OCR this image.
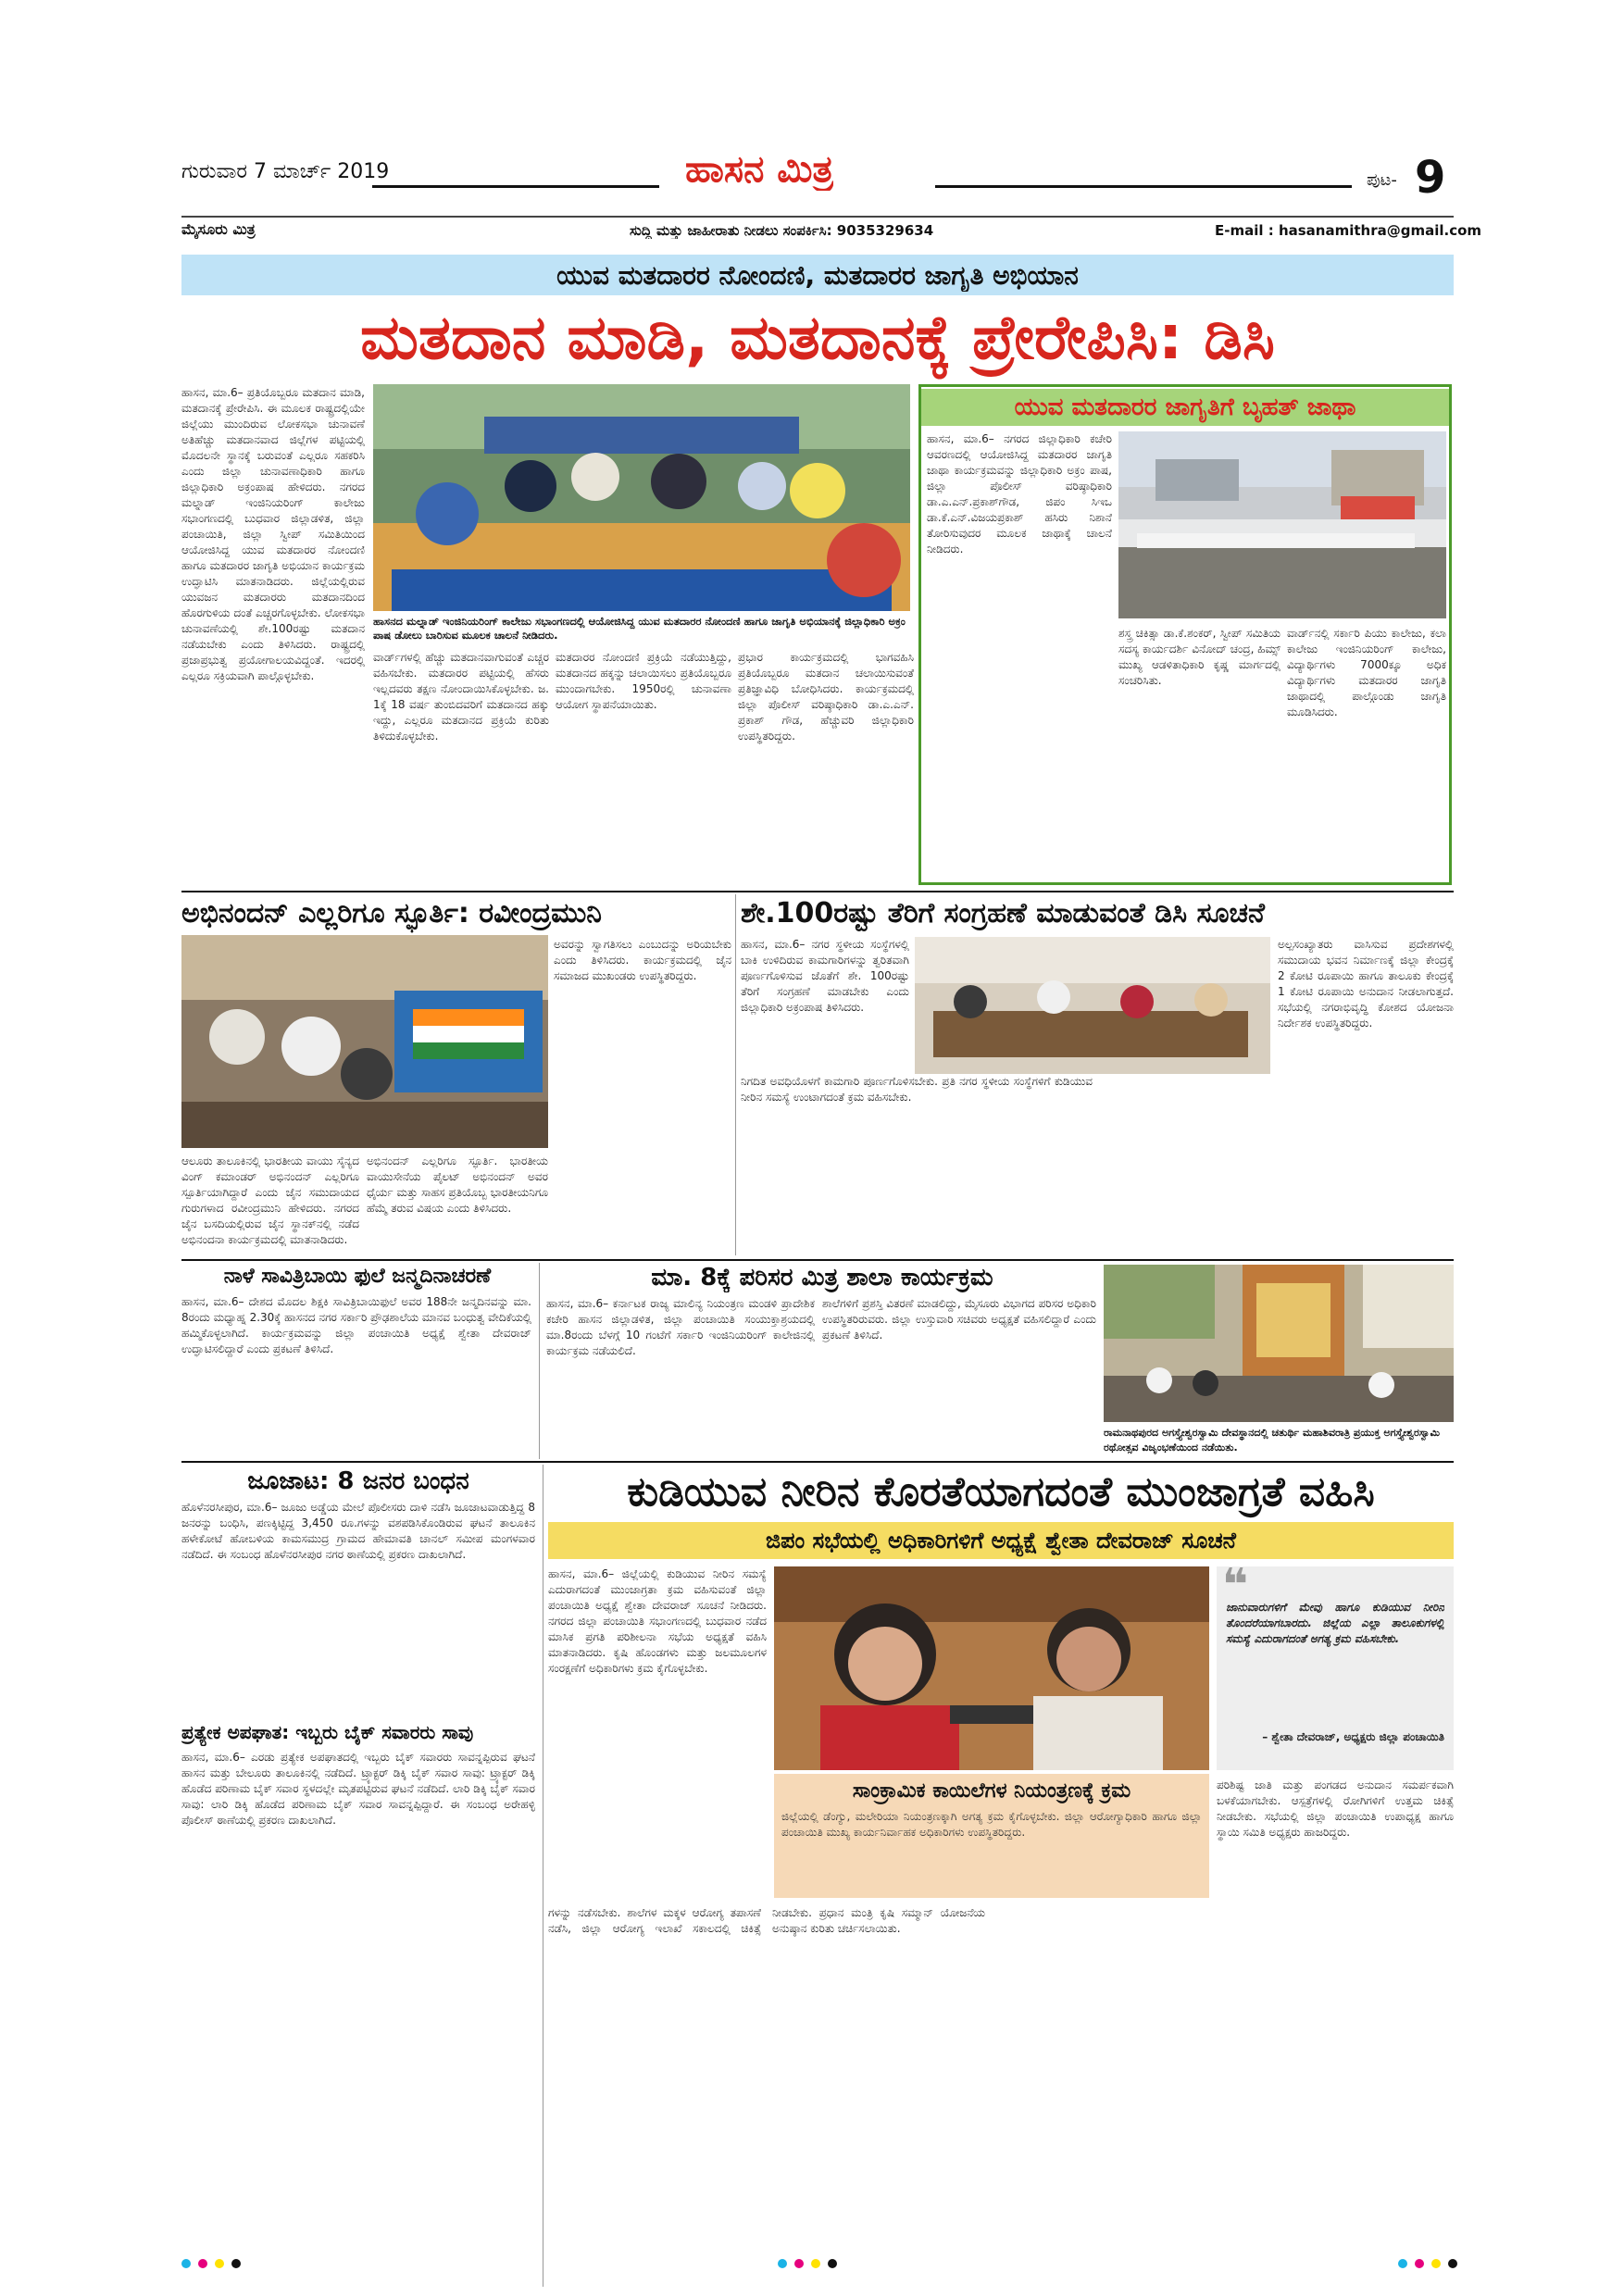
ಗುರುವಾರ 7 ಮಾರ್ಚ್ 2019	ಹಾಸನ ಮಿತ್ರ	ಪುಟ- 9
ಮೈಸೂರು ಮಿತ್ರ	ಸುದ್ದಿ ಮತ್ತು ಜಾಹೀರಾತು ನೀಡಲು ಸಂಪರ್ಕಿಸಿ: 9035329634	E-mail : hasanamithra@gmail.com
ಯುವ ಮತದಾರರ ನೋಂದಣಿ, ಮತದಾರರ ಜಾಗೃತಿ ಅಭಿಯಾನ
ಮತದಾನ ಮಾಡಿ, ಮತದಾನಕ್ಕೆ ಪ್ರೇರೇಪಿಸಿ: ಡಿಸಿ
ಹಾಸನ, ಮಾ.6– ಪ್ರತಿಯೊಬ್ಬರೂ ಮತದಾನ ಮಾಡಿ, ಮತದಾನಕ್ಕೆ ಪ್ರೇರೇಪಿಸಿ. ಈ ಮೂಲಕ ರಾಷ್ಟ್ರದಲ್ಲಿಯೇ ಜಿಲ್ಲೆಯು ಮುಂದಿರುವ ಲೋಕಸಭಾ ಚುನಾವಣೆ ಅತಿಹೆಚ್ಚು ಮತದಾನವಾದ ಜಿಲ್ಲೆಗಳ ಪಟ್ಟಿಯಲ್ಲಿ ಮೊದಲನೇ ಸ್ಥಾನಕ್ಕೆ ಬರುವಂತೆ ಎಲ್ಲರೂ ಸಹಕರಿಸಿ ಎಂದು ಜಿಲ್ಲಾ ಚುನಾವಣಾಧಿಕಾರಿ ಹಾಗೂ ಜಿಲ್ಲಾಧಿಕಾರಿ ಅಕ್ರಂಪಾಷ ಹೇಳಿದರು. ನಗರದ ಮಲ್ನಾಡ್ ಇಂಜಿನಿಯರಿಂಗ್ ಕಾಲೇಜು ಸಭಾಂಗಣದಲ್ಲಿ ಬುಧವಾರ ಜಿಲ್ಲಾಡಳಿತ, ಜಿಲ್ಲಾ ಪಂಚಾಯಿತಿ, ಜಿಲ್ಲಾ ಸ್ವೀಪ್ ಸಮಿತಿಯಿಂದ ಆಯೋಜಿಸಿದ್ದ ಯುವ ಮತದಾರರ ನೋಂದಣಿ ಹಾಗೂ ಮತದಾರರ ಜಾಗೃತಿ ಅಭಿಯಾನ ಕಾರ್ಯಕ್ರಮ ಉದ್ಘಾಟಿಸಿ ಮಾತನಾಡಿದರು. ಜಿಲ್ಲೆಯಲ್ಲಿರುವ ಯುವಜನ ಮತದಾರರು ಮತದಾನದಿಂದ ಹೊರಗುಳಿಯ ದಂತೆ ಎಚ್ಚರಗೊಳ್ಳಬೇಕು. ಲೋಕಸಭಾ ಚುನಾವಣೆಯಲ್ಲಿ ಶೇ.100ರಷ್ಟು ಮತದಾನ ನಡೆಯಬೇಕು ಎಂದು ತಿಳಿಸಿದರು. ರಾಷ್ಟ್ರದಲ್ಲಿ ಪ್ರಜಾಪ್ರಭುತ್ವ ಪ್ರಯೋಗಾಲಯವಿದ್ದಂತೆ. ಇದರಲ್ಲಿ ಎಲ್ಲರೂ ಸಕ್ರಿಯವಾಗಿ ಪಾಲ್ಗೊಳ್ಳಬೇಕು.
ಹಾಸನದ ಮಲ್ನಾಡ್ ಇಂಜಿನಿಯರಿಂಗ್ ಕಾಲೇಜು ಸಭಾಂಗಣದಲ್ಲಿ ಆಯೋಜಿಸಿದ್ದ ಯುವ ಮತದಾರರ ನೋಂದಣಿ ಹಾಗೂ ಜಾಗೃತಿ ಅಭಿಯಾನಕ್ಕೆ ಜಿಲ್ಲಾಧಿಕಾರಿ ಅಕ್ರಂ ಪಾಷ ಡೋಲು ಬಾರಿಸುವ ಮೂಲಕ ಚಾಲನೆ ನೀಡಿದರು.
ವಾರ್ಡ್‌ಗಳಲ್ಲಿ ಹೆಚ್ಚು ಮತದಾನವಾಗುವಂತೆ ಎಚ್ಚರ ವಹಿಸಬೇಕು. ಮತದಾರರ ಪಟ್ಟಿಯಲ್ಲಿ ಹೆಸರು ಇಲ್ಲದವರು ತಕ್ಷಣ ನೋಂದಾಯಿಸಿಕೊಳ್ಳಬೇಕು. ಜ. 1ಕ್ಕೆ 18 ವರ್ಷ ತುಂಬಿದವರಿಗೆ ಮತದಾನದ ಹಕ್ಕು ಇದ್ದು, ಎಲ್ಲರೂ ಮತದಾನದ ಪ್ರಕ್ರಿಯೆ ಕುರಿತು ತಿಳಿದುಕೊಳ್ಳಬೇಕು.
ಮತದಾರರ ನೋಂದಣಿ ಪ್ರಕ್ರಿಯೆ ನಡೆಯುತ್ತಿದ್ದು, ಮತದಾನದ ಹಕ್ಕನ್ನು ಚಲಾಯಿಸಲು ಪ್ರತಿಯೊಬ್ಬರೂ ಮುಂದಾಗಬೇಕು. 1950ರಲ್ಲಿ ಚುನಾವಣಾ ಆಯೋಗ ಸ್ಥಾಪನೆಯಾಯಿತು.
ಪ್ರಭಾರ ಕಾರ್ಯಕ್ರಮದಲ್ಲಿ ಭಾಗವಹಿಸಿ ಪ್ರತಿಯೊಬ್ಬರೂ ಮತದಾನ ಚಲಾಯಿಸುವಂತೆ ಪ್ರತಿಜ್ಞಾವಿಧಿ ಬೋಧಿಸಿದರು. ಕಾರ್ಯಕ್ರಮದಲ್ಲಿ ಜಿಲ್ಲಾ ಪೊಲೀಸ್ ವರಿಷ್ಠಾಧಿಕಾರಿ ಡಾ.ಎ.ಎನ್. ಪ್ರಕಾಶ್ ಗೌಡ, ಹೆಚ್ಚುವರಿ ಜಿಲ್ಲಾಧಿಕಾರಿ ಉಪಸ್ಥಿತರಿದ್ದರು.
ಯುವ ಮತದಾರರ ಜಾಗೃತಿಗೆ ಬೃಹತ್ ಜಾಥಾ
ಹಾಸನ, ಮಾ.6– ನಗರದ ಜಿಲ್ಲಾಧಿಕಾರಿ ಕಚೇರಿ ಆವರಣದಲ್ಲಿ ಆಯೋಜಿಸಿದ್ದ ಮತದಾರರ ಜಾಗೃತಿ ಜಾಥಾ ಕಾರ್ಯಕ್ರಮವನ್ನು ಜಿಲ್ಲಾಧಿಕಾರಿ ಅಕ್ರಂ ಪಾಷ, ಜಿಲ್ಲಾ ಪೊಲೀಸ್ ವರಿಷ್ಠಾಧಿಕಾರಿ ಡಾ.ಎ.ಎನ್.ಪ್ರಕಾಶ್‌ಗೌಡ, ಜಿಪಂ ಸಿಇಒ ಡಾ.ಕೆ.ಎನ್.ವಿಜಯಪ್ರಕಾಶ್ ಹಸಿರು ನಿಶಾನೆ ತೋರಿಸುವುದರ ಮೂಲಕ ಜಾಥಾಕ್ಕೆ ಚಾಲನೆ ನೀಡಿದರು.
ಶಸ್ತ್ರ ಚಿಕಿತ್ಸಾ ಡಾ.ಕೆ.ಶಂಕರ್, ಸ್ವೀಪ್ ಸಮಿತಿಯ ಸದಸ್ಯ ಕಾರ್ಯದರ್ಶಿ ವಿನೋದ್ ಚಂದ್ರ, ಹಿಮ್ಸ್ ಮುಖ್ಯ ಆಡಳಿತಾಧಿಕಾರಿ ಕೃಷ್ಣ ಮಾರ್ಗದಲ್ಲಿ ಸಂಚರಿಸಿತು.
ವಾರ್ಡ್‌ನಲ್ಲಿ ಸರ್ಕಾರಿ ಪಿಯು ಕಾಲೇಜು, ಕಲಾ ಕಾಲೇಜು ಇಂಜಿನಿಯರಿಂಗ್ ಕಾಲೇಜು, ವಿದ್ಯಾರ್ಥಿಗಳು 7000ಕ್ಕೂ ಅಧಿಕ ವಿದ್ಯಾರ್ಥಿಗಳು ಮತದಾರರ ಜಾಗೃತಿ ಜಾಥಾದಲ್ಲಿ ಪಾಲ್ಗೊಂಡು ಜಾಗೃತಿ ಮೂಡಿಸಿದರು.
ಅಭಿನಂದನ್ ಎಲ್ಲರಿಗೂ ಸ್ಫೂರ್ತಿ: ರವೀಂದ್ರಮುನಿ
ಆಲೂರು ತಾಲೂಕಿನಲ್ಲಿ ಭಾರತೀಯ ವಾಯು ಸೈನ್ಯದ ವಿಂಗ್ ಕಮಾಂಡರ್ ಅಭಿನಂದನ್ ಎಲ್ಲರಿಗೂ ಸ್ಪೂರ್ತಿಯಾಗಿದ್ದಾರೆ ಎಂದು ಜೈನ ಸಮುದಾಯದ ಗುರುಗಳಾದ ರವೀಂದ್ರಮುನಿ ಹೇಳಿದರು. ನಗರದ ಜೈನ ಬಸದಿಯಲ್ಲಿರುವ ಜೈನ ಸ್ಥಾನಕ್‌ನಲ್ಲಿ ನಡೆದ ಅಭಿನಂದನಾ ಕಾರ್ಯಕ್ರಮದಲ್ಲಿ ಮಾತನಾಡಿದರು.
ಅಭಿನಂದನ್ ಎಲ್ಲರಿಗೂ ಸ್ಫೂರ್ತಿ. ಭಾರತೀಯ ವಾಯುಸೇನೆಯ ಪೈಲಟ್ ಅಭಿನಂದನ್ ಅವರ ಧೈರ್ಯ ಮತ್ತು ಸಾಹಸ ಪ್ರತಿಯೊಬ್ಬ ಭಾರತೀಯನಿಗೂ ಹೆಮ್ಮೆ ತರುವ ವಿಷಯ ಎಂದು ತಿಳಿಸಿದರು.
ಅವರನ್ನು ಸ್ವಾಗತಿಸಲು ಎಂಬುದನ್ನು ಅರಿಯಬೇಕು ಎಂದು ತಿಳಿಸಿದರು. ಕಾರ್ಯಕ್ರಮದಲ್ಲಿ ಜೈನ ಸಮಾಜದ ಮುಖಂಡರು ಉಪಸ್ಥಿತರಿದ್ದರು.
ಶೇ.100ರಷ್ಟು ತೆರಿಗೆ ಸಂಗ್ರಹಣೆ ಮಾಡುವಂತೆ ಡಿಸಿ ಸೂಚನೆ
ಹಾಸನ, ಮಾ.6– ನಗರ ಸ್ಥಳೀಯ ಸಂಸ್ಥೆಗಳಲ್ಲಿ ಬಾಕಿ ಉಳಿದಿರುವ ಕಾಮಗಾರಿಗಳನ್ನು ತ್ವರಿತವಾಗಿ ಪೂರ್ಣಗೊಳಿಸುವ ಜೊತೆಗೆ ಶೇ. 100ರಷ್ಟು ತೆರಿಗೆ ಸಂಗ್ರಹಣೆ ಮಾಡಬೇಕು ಎಂದು ಜಿಲ್ಲಾಧಿಕಾರಿ ಅಕ್ರಂಪಾಷ ತಿಳಿಸಿದರು.
ನಿಗದಿತ ಅವಧಿಯೊಳಗೆ ಕಾಮಗಾರಿ ಪೂರ್ಣಗೊಳಿಸಬೇಕು. ಪ್ರತಿ ನಗರ ಸ್ಥಳೀಯ ಸಂಸ್ಥೆಗಳಿಗೆ ಕುಡಿಯುವ ನೀರಿನ ಸಮಸ್ಯೆ ಉಂಟಾಗದಂತೆ ಕ್ರಮ ವಹಿಸಬೇಕು.
ಅಲ್ಪಸಂಖ್ಯಾತರು ವಾಸಿಸುವ ಪ್ರದೇಶಗಳಲ್ಲಿ ಸಮುದಾಯ ಭವನ ನಿರ್ಮಾಣಕ್ಕೆ ಜಿಲ್ಲಾ ಕೇಂದ್ರಕ್ಕೆ 2 ಕೋಟಿ ರೂಪಾಯಿ ಹಾಗೂ ತಾಲೂಕು ಕೇಂದ್ರಕ್ಕೆ 1 ಕೋಟಿ ರೂಪಾಯಿ ಅನುದಾನ ನೀಡಲಾಗುತ್ತದೆ. ಸಭೆಯಲ್ಲಿ ನಗರಾಭಿವೃದ್ಧಿ ಕೋಶದ ಯೋಜನಾ ನಿರ್ದೇಶಕ ಉಪಸ್ಥಿತರಿದ್ದರು.
ನಾಳೆ ಸಾವಿತ್ರಿಬಾಯಿ ಫುಲೆ ಜನ್ಮದಿನಾಚರಣೆ
ಹಾಸನ, ಮಾ.6– ದೇಶದ ಮೊದಲ ಶಿಕ್ಷಕಿ ಸಾವಿತ್ರಿಬಾಯಿಫುಲೆ ಅವರ 188ನೇ ಜನ್ಮದಿನವನ್ನು ಮಾ. 8ರಂದು ಮಧ್ಯಾಹ್ನ 2.30ಕ್ಕೆ ಹಾಸನದ ನಗರ ಸರ್ಕಾರಿ ಪ್ರೌಢಶಾಲೆಯ ಮಾನವ ಬಂಧುತ್ವ ವೇದಿಕೆಯಲ್ಲಿ ಹಮ್ಮಿಕೊಳ್ಳಲಾಗಿದೆ. ಕಾರ್ಯಕ್ರಮವನ್ನು ಜಿಲ್ಲಾ ಪಂಚಾಯಿತಿ ಅಧ್ಯಕ್ಷೆ ಶ್ವೇತಾ ದೇವರಾಜ್ ಉದ್ಘಾಟಿಸಲಿದ್ದಾರೆ ಎಂದು ಪ್ರಕಟಣೆ ತಿಳಿಸಿದೆ.
ಮಾ. 8ಕ್ಕೆ ಪರಿಸರ ಮಿತ್ರ ಶಾಲಾ ಕಾರ್ಯಕ್ರಮ
ಹಾಸನ, ಮಾ.6– ಕರ್ನಾಟಕ ರಾಜ್ಯ ಮಾಲಿನ್ಯ ನಿಯಂತ್ರಣ ಮಂಡಳಿ ಪ್ರಾದೇಶಿಕ ಕಚೇರಿ ಹಾಸನ ಜಿಲ್ಲಾಡಳಿತ, ಜಿಲ್ಲಾ ಪಂಚಾಯಿತಿ ಸಂಯುಕ್ತಾಶ್ರಯದಲ್ಲಿ ಮಾ.8ರಂದು ಬೆಳಗ್ಗೆ 10 ಗಂಟೆಗೆ ಸರ್ಕಾರಿ ಇಂಜಿನಿಯರಿಂಗ್ ಕಾಲೇಜಿನಲ್ಲಿ ಕಾರ್ಯಕ್ರಮ ನಡೆಯಲಿದೆ.
ಶಾಲೆಗಳಿಗೆ ಪ್ರಶಸ್ತಿ ವಿತರಣೆ ಮಾಡಲಿದ್ದು, ಮೈಸೂರು ವಿಭಾಗದ ಪರಿಸರ ಅಧಿಕಾರಿ ಉಪಸ್ಥಿತರಿರುವರು. ಜಿಲ್ಲಾ ಉಸ್ತುವಾರಿ ಸಚಿವರು ಅಧ್ಯಕ್ಷತೆ ವಹಿಸಲಿದ್ದಾರೆ ಎಂದು ಪ್ರಕಟಣೆ ತಿಳಿಸಿದೆ.
ರಾಮನಾಥಪುರದ ಅಗಸ್ತ್ಯೇಶ್ವರಸ್ವಾಮಿ ದೇವಸ್ಥಾನದಲ್ಲಿ ಚತುರ್ಥಿ ಮಹಾಶಿವರಾತ್ರಿ ಪ್ರಯುಕ್ತ ಅಗಸ್ತ್ಯೇಶ್ವರಸ್ವಾಮಿ ರಥೋತ್ಸವ ವಿಜೃಂಭಣೆಯಿಂದ ನಡೆಯಿತು.
ಜೂಜಾಟ: 8 ಜನರ ಬಂಧನ
ಹೊಳೆನರಸೀಪುರ, ಮಾ.6– ಜೂಜು ಅಡ್ಡೆಯ ಮೇಲೆ ಪೊಲೀಸರು ದಾಳಿ ನಡೆಸಿ ಜೂಜಾಟವಾಡುತ್ತಿದ್ದ 8 ಜನರನ್ನು ಬಂಧಿಸಿ, ಪಣಕ್ಕಿಟ್ಟಿದ್ದ 3,450 ರೂ.ಗಳನ್ನು ವಶಪಡಿಸಿಕೊಂಡಿರುವ ಘಟನೆ ತಾಲೂಕಿನ ಹಳೇಕೋಟೆ ಹೋಬಳಿಯ ಕಾಮಸಮುದ್ರ ಗ್ರಾಮದ ಹೇಮಾವತಿ ಚಾನಲ್ ಸಮೀಪ ಮಂಗಳವಾರ ನಡೆದಿದೆ. ಈ ಸಂಬಂಧ ಹೊಳೆನರಸೀಪುರ ನಗರ ಠಾಣೆಯಲ್ಲಿ ಪ್ರಕರಣ ದಾಖಲಾಗಿದೆ.
ಪ್ರತ್ಯೇಕ ಅಪಘಾತ: ಇಬ್ಬರು ಬೈಕ್ ಸವಾರರು ಸಾವು
ಹಾಸನ, ಮಾ.6– ಎರಡು ಪ್ರತ್ಯೇಕ ಅಪಘಾತದಲ್ಲಿ ಇಬ್ಬರು ಬೈಕ್ ಸವಾರರು ಸಾವನ್ನಪ್ಪಿರುವ ಘಟನೆ ಹಾಸನ ಮತ್ತು ಬೇಲೂರು ತಾಲೂಕಿನಲ್ಲಿ ನಡೆದಿದೆ. ಟ್ರ್ಯಾಕ್ಟರ್ ಡಿಕ್ಕಿ ಬೈಕ್ ಸವಾರ ಸಾವು: ಟ್ರ್ಯಾಕ್ಟರ್ ಡಿಕ್ಕಿ ಹೊಡೆದ ಪರಿಣಾಮ ಬೈಕ್ ಸವಾರ ಸ್ಥಳದಲ್ಲೇ ಮೃತಪಟ್ಟಿರುವ ಘಟನೆ ನಡೆದಿದೆ. ಲಾರಿ ಡಿಕ್ಕಿ ಬೈಕ್ ಸವಾರ ಸಾವು: ಲಾರಿ ಡಿಕ್ಕಿ ಹೊಡೆದ ಪರಿಣಾಮ ಬೈಕ್ ಸವಾರ ಸಾವನ್ನಪ್ಪಿದ್ದಾರೆ. ಈ ಸಂಬಂಧ ಅರೇಹಳ್ಳಿ ಪೊಲೀಸ್ ಠಾಣೆಯಲ್ಲಿ ಪ್ರಕರಣ ದಾಖಲಾಗಿದೆ.
ಕುಡಿಯುವ ನೀರಿನ ಕೊರತೆಯಾಗದಂತೆ ಮುಂಜಾಗ್ರತೆ ವಹಿಸಿ
ಜಿಪಂ ಸಭೆಯಲ್ಲಿ ಅಧಿಕಾರಿಗಳಿಗೆ ಅಧ್ಯಕ್ಷೆ ಶ್ವೇತಾ ದೇವರಾಜ್ ಸೂಚನೆ
ಹಾಸನ, ಮಾ.6– ಜಿಲ್ಲೆಯಲ್ಲಿ ಕುಡಿಯುವ ನೀರಿನ ಸಮಸ್ಯೆ ಎದುರಾಗದಂತೆ ಮುಂಜಾಗ್ರತಾ ಕ್ರಮ ವಹಿಸುವಂತೆ ಜಿಲ್ಲಾ ಪಂಚಾಯಿತಿ ಅಧ್ಯಕ್ಷೆ ಶ್ವೇತಾ ದೇವರಾಜ್ ಸೂಚನೆ ನೀಡಿದರು. ನಗರದ ಜಿಲ್ಲಾ ಪಂಚಾಯಿತಿ ಸಭಾಂಗಣದಲ್ಲಿ ಬುಧವಾರ ನಡೆದ ಮಾಸಿಕ ಪ್ರಗತಿ ಪರಿಶೀಲನಾ ಸಭೆಯ ಅಧ್ಯಕ್ಷತೆ ವಹಿಸಿ ಮಾತನಾಡಿದರು. ಕೃಷಿ ಹೊಂಡಗಳು ಮತ್ತು ಜಲಮೂಲಗಳ ಸಂರಕ್ಷಣೆಗೆ ಅಧಿಕಾರಿಗಳು ಕ್ರಮ ಕೈಗೊಳ್ಳಬೇಕು.
ಸಾಂಕ್ರಾಮಿಕ ಕಾಯಿಲೆಗಳ ನಿಯಂತ್ರಣಕ್ಕೆ ಕ್ರಮ
ಜಿಲ್ಲೆಯಲ್ಲಿ ಡೆಂಗ್ಯು, ಮಲೇರಿಯಾ ನಿಯಂತ್ರಣಕ್ಕಾಗಿ ಅಗತ್ಯ ಕ್ರಮ ಕೈಗೊಳ್ಳಬೇಕು. ಜಿಲ್ಲಾ ಆರೋಗ್ಯಾಧಿಕಾರಿ ಹಾಗೂ ಜಿಲ್ಲಾ ಪಂಚಾಯಿತಿ ಮುಖ್ಯ ಕಾರ್ಯನಿರ್ವಾಹಕ ಅಧಿಕಾರಿಗಳು ಉಪಸ್ಥಿತರಿದ್ದರು.
ಗಳನ್ನು ನಡೆಸಬೇಕು. ಶಾಲೆಗಳ ಮಕ್ಕಳ ಆರೋಗ್ಯ ತಪಾಸಣೆ ನಡೆಸಿ, ಜಿಲ್ಲಾ ಆರೋಗ್ಯ ಇಲಾಖೆ ಸಕಾಲದಲ್ಲಿ ಚಿಕಿತ್ಸೆ ನೀಡಬೇಕು. ಪ್ರಧಾನ ಮಂತ್ರಿ ಕೃಷಿ ಸಮ್ಮಾನ್ ಯೋಜನೆಯ ಅನುಷ್ಠಾನ ಕುರಿತು ಚರ್ಚಿಸಲಾಯಿತು.
❝
ಜಾನುವಾರುಗಳಿಗೆ ಮೇವು ಹಾಗೂ ಕುಡಿಯುವ ನೀರಿನ ತೊಂದರೆಯಾಗಬಾರದು. ಜಿಲ್ಲೆಯ ಎಲ್ಲಾ ತಾಲೂಕುಗಳಲ್ಲಿ ಸಮಸ್ಯೆ ಎದುರಾಗದಂತೆ ಅಗತ್ಯ ಕ್ರಮ ವಹಿಸಬೇಕು.
– ಶ್ವೇತಾ ದೇವರಾಜ್, ಅಧ್ಯಕ್ಷರು ಜಿಲ್ಲಾ ಪಂಚಾಯಿತಿ
ಪರಿಶಿಷ್ಟ ಜಾತಿ ಮತ್ತು ಪಂಗಡದ ಅನುದಾನ ಸಮರ್ಪಕವಾಗಿ ಬಳಕೆಯಾಗಬೇಕು. ಆಸ್ಪತ್ರೆಗಳಲ್ಲಿ ರೋಗಿಗಳಿಗೆ ಉತ್ತಮ ಚಿಕಿತ್ಸೆ ನೀಡಬೇಕು. ಸಭೆಯಲ್ಲಿ ಜಿಲ್ಲಾ ಪಂಚಾಯಿತಿ ಉಪಾಧ್ಯಕ್ಷ ಹಾಗೂ ಸ್ಥಾಯಿ ಸಮಿತಿ ಅಧ್ಯಕ್ಷರು ಹಾಜರಿದ್ದರು.
